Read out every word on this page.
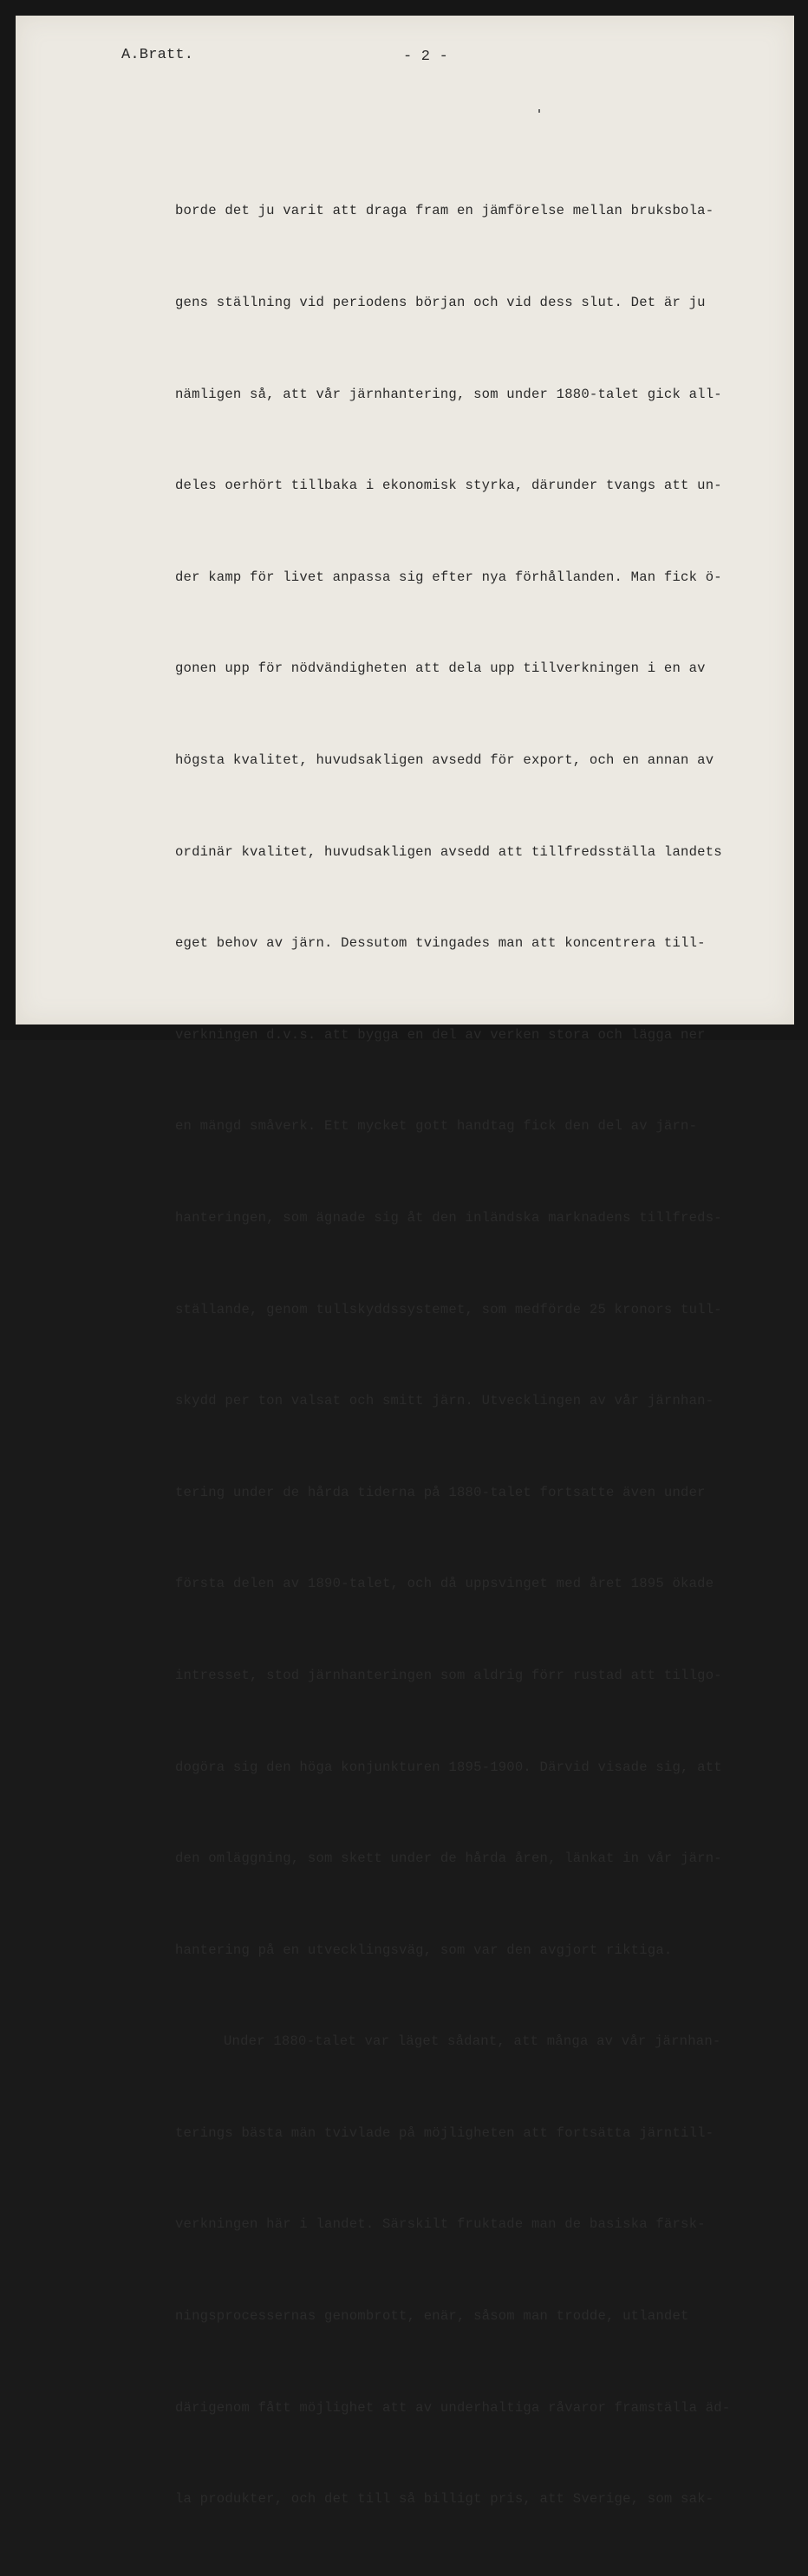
A.Bratt.	- 2 -

borde det ju varit att draga fram en jämförelse mellan bruksbola-

gens ställning vid periodens början och vid dess slut. Det är ju

nämligen så, att vår järnhantering, som under 1880-talet gick all-

deles oerhört tillbaka i ekonomisk styrka, därunder tvangs att un-

der kamp för livet anpassa sig efter nya förhållanden. Man fick ö-

gonen upp för nödvändigheten att dela upp tillverkningen i en av

högsta kvalitet, huvudsakligen avsedd för export, och en annan av

ordinär kvalitet, huvudsakligen avsedd att tillfredsställa landets

eget behov av järn. Dessutom tvingades man att koncentrera till-

verkningen d.v.s. att bygga en del av verken stora och lägga ner

en mängd småverk. Ett mycket gott handtag fick den del av järn-

hanteringen, som ägnade sig åt den inländska marknadens tillfreds-

ställande, genom tullskyddssystemet, som medförde 25 kronors tull-

skydd per ton valsat och smitt järn. Utvecklingen av vår järnhan-

tering under de hårda tiderna på 1880-talet fortsatte även under

första delen av 1890-talet, och då uppsvinget med året 1895 ökade

intresset, stod järnhanteringen som aldrig förr rustad att tillgo-

dogöra sig den höga konjunkturen 1895-1900. Därvid visade sig, att

den omläggning, som skett under de hårda åren, länkat in vår järn-

hantering på en utvecklingsväg, som var den avgjort riktiga.

Under 1880-talet var läget sådant, att många av vår järnhan-

terings bästa män tvivlade på möjligheten att fortsätta järntill-

verkningen här i landet. Särskilt fruktade man de basiska färsk-

ningsprocessernas genombrott, enär, såsom man trodde, utlandet

därigenom fått möjlighet att av underhaltiga råvaror framställa äd-

la produkter, och det till så billigt pris, att Sverige, som sak-
